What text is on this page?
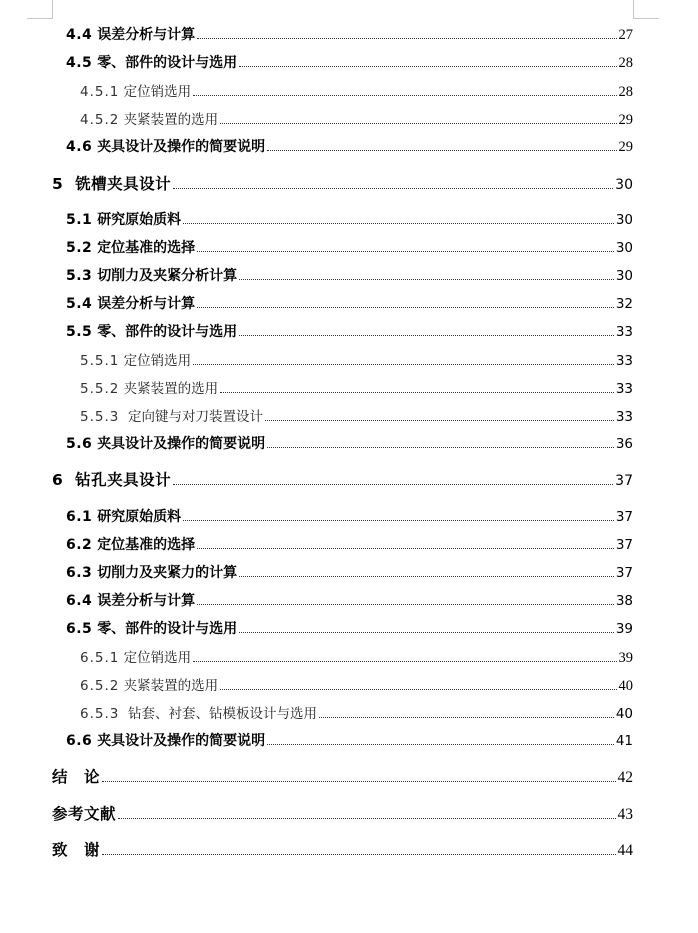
4.4 误差分析与计算	27
4.5 零、部件的设计与选用	28
4.5.1 定位销选用	28
4.5.2 夹紧装置的选用	29
4.6 夹具设计及操作的简要说明	29
5 铣槽夹具设计	30
5.1 研究原始质料	30
5.2 定位基准的选择	30
5.3 切削力及夹紧分析计算	30
5.4 误差分析与计算	32
5.5 零、部件的设计与选用	33
5.5.1 定位销选用	33
5.5.2 夹紧装置的选用	33
5.5.3  定向键与对刀装置设计	33
5.6 夹具设计及操作的简要说明	36
6 钻孔夹具设计	37
6.1 研究原始质料	37
6.2 定位基准的选择	37
6.3 切削力及夹紧力的计算	37
6.4 误差分析与计算	38
6.5 零、部件的设计与选用	39
6.5.1 定位销选用	39
6.5.2 夹紧装置的选用	40
6.5.3  钻套、衬套、钻模板设计与选用	40
6.6 夹具设计及操作的简要说明	41
结　论	42
参考文献	43
致　谢	44
